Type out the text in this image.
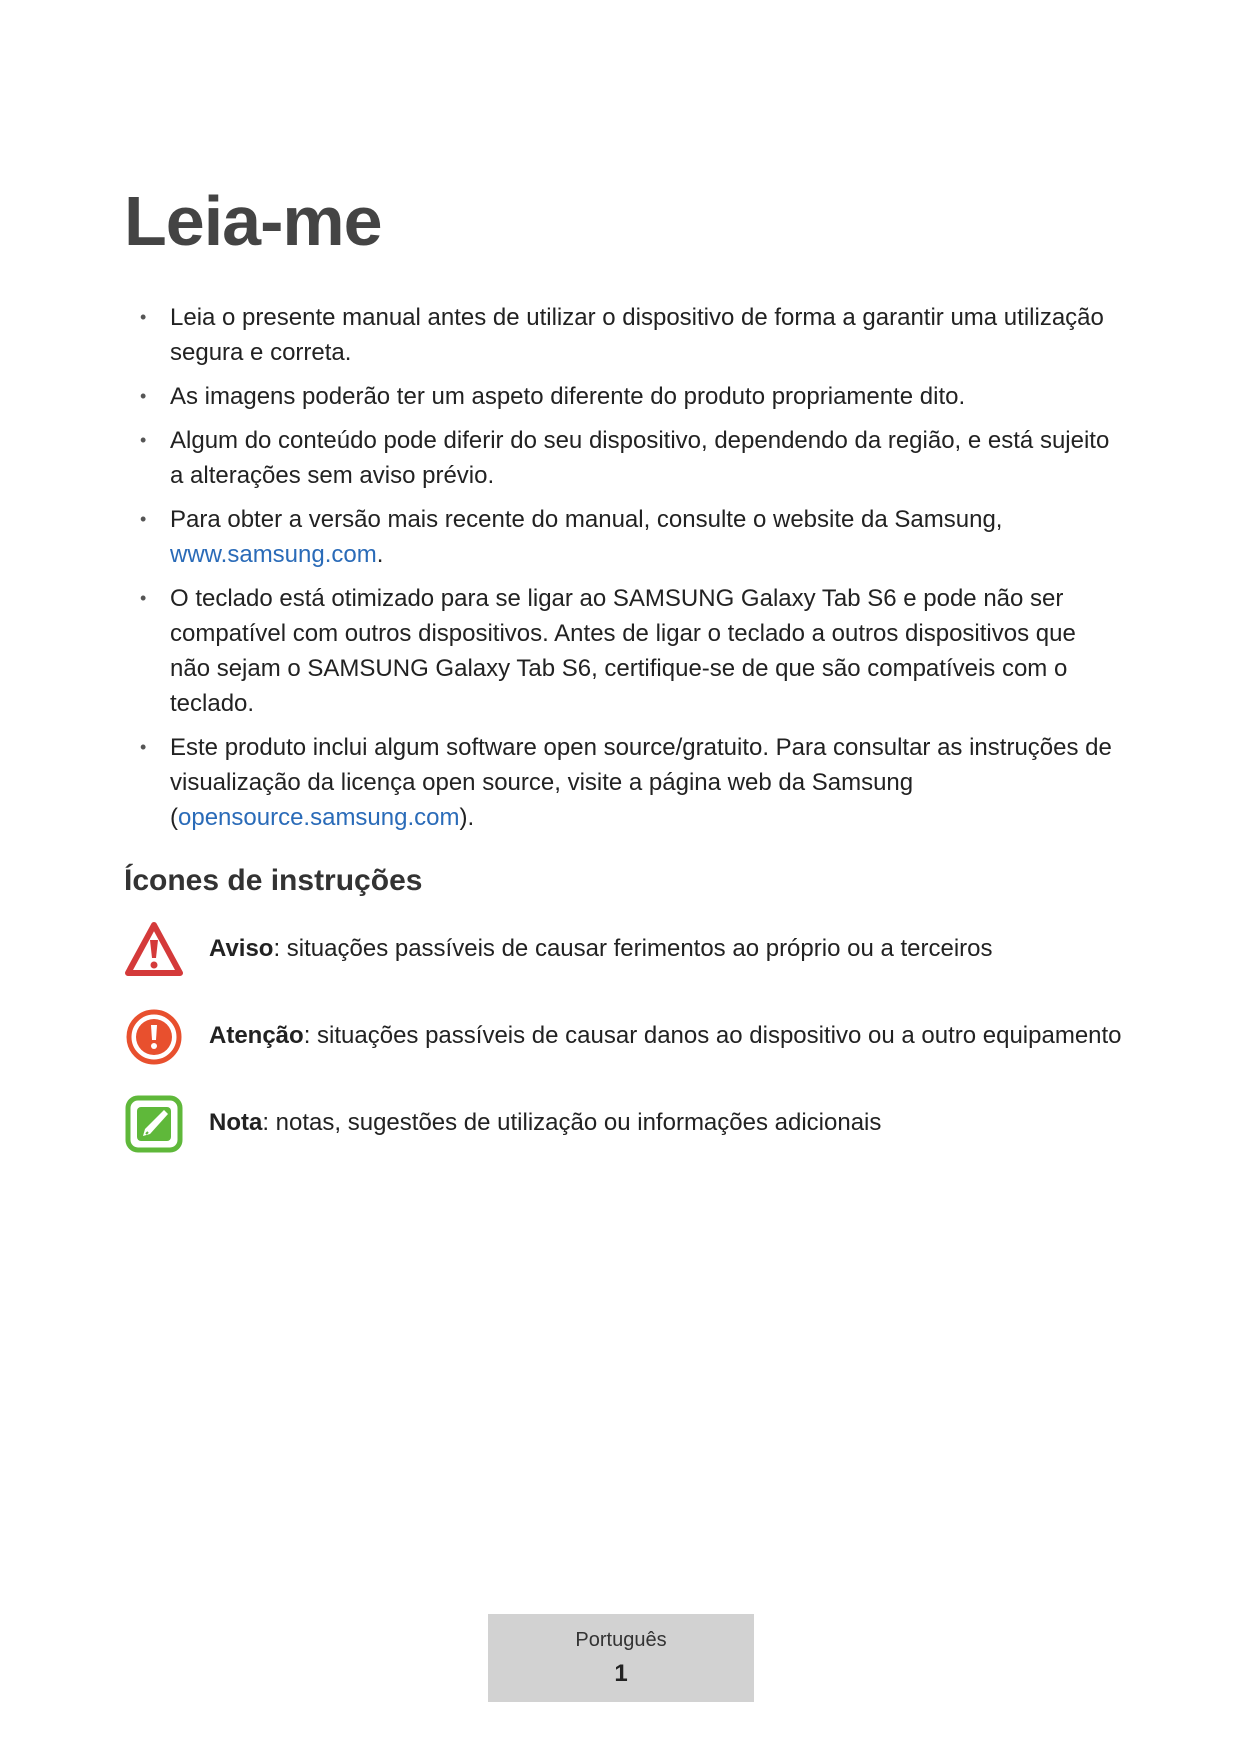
Leia-me
• Leia o presente manual antes de utilizar o dispositivo de forma a garantir uma utilização segura e correta.
• As imagens poderão ter um aspeto diferente do produto propriamente dito.
• Algum do conteúdo pode diferir do seu dispositivo, dependendo da região, e está sujeito a alterações sem aviso prévio.
• Para obter a versão mais recente do manual, consulte o website da Samsung, www.samsung.com.
• O teclado está otimizado para se ligar ao SAMSUNG Galaxy Tab S6 e pode não ser compatível com outros dispositivos. Antes de ligar o teclado a outros dispositivos que não sejam o SAMSUNG Galaxy Tab S6, certifique-se de que são compatíveis com o teclado.
• Este produto inclui algum software open source/gratuito. Para consultar as instruções de visualização da licença open source, visite a página web da Samsung (opensource.samsung.com).
Ícones de instruções
Aviso: situações passíveis de causar ferimentos ao próprio ou a terceiros
Atenção: situações passíveis de causar danos ao dispositivo ou a outro equipamento
Nota: notas, sugestões de utilização ou informações adicionais
Português
1
